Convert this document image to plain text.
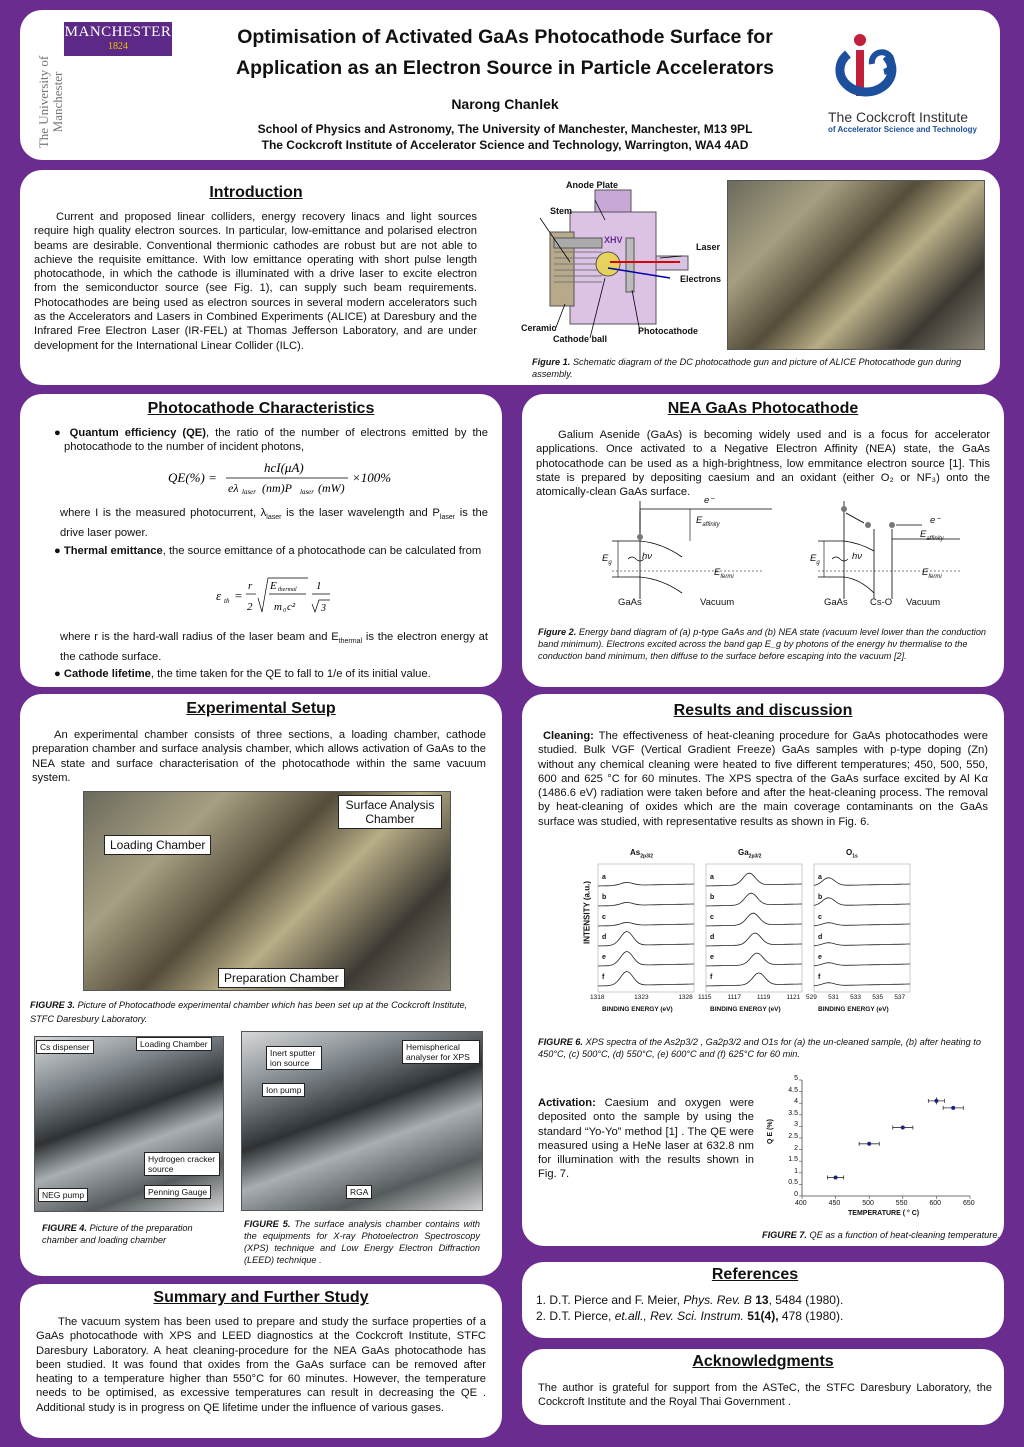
MANCHESTER
1824
The University of Manchester
Optimisation of Activated GaAs Photocathode Surface for
Application as an Electron Source in Particle Accelerators
Narong Chanlek
School of Physics and Astronomy, The University of Manchester, Manchester, M13 9PL
The Cockcroft Institute of Accelerator Science and Technology, Warrington, WA4 4AD
The Cockcroft Institute
of Accelerator Science and Technology
Introduction
Current and proposed linear colliders, energy recovery linacs and light sources require high quality electron sources. In particular, low-emittance and polarised electron beams are desirable. Conventional thermionic cathodes are robust but are not able to achieve the requisite emittance. With low emittance operating with short pulse length photocathode, in which the cathode is illuminated with a drive laser to excite electron from the semiconductor source (see Fig. 1), can supply such beam requirements. Photocathodes are being used as electron sources in several modern accelerators such as the Accelerators and Lasers in Combined Experiments (ALICE) at Daresbury and the Infrared Free Electron Laser (IR-FEL) at Thomas Jefferson Laboratory, and are under development for the International Linear Collider (ILC).
Anode Plate
Stem
XHV
Laser
Electrons
Ceramic
Cathode ball
Photocathode
Figure 1. Schematic diagram of the DC photocathode gun and picture of ALICE Photocathode gun during assembly.
Photocathode Characteristics
● Quantum efficiency (QE), the ratio of the number of electrons emitted by the photocathode to the number of incident photons,
QE(%) =
hcI(μA)
eλ laser (nm)P laser (mW)
×100%
where I is the measured photocurrent, $\lambda_{laser}$ is the laser wavelength and $P_{laser}$ is the drive laser power.
● Thermal emittance, the source emittance of a photocathode can be calculated from
ε th =
r
2
E thermal
m 0 c²
1
3
where r is the hard-wall radius of the laser beam and $E_{thermal}$ is the electron energy at the cathode surface.
● Cathode lifetime, the time taken for the QE to fall to 1/e of its initial value.
NEA GaAs Photocathode
Galium Asenide (GaAs) is becoming widely used and is a focus for accelerator applications. Once activated to a Negative Electron Affinity (NEA) state, the GaAs photocathode can be used as a high-brightness, low emmitance electron source [1]. This state is prepared by depositing caesium and an oxidant (either O₂ or NF₃) onto the atomically-clean GaAs surface.
e⁻
$E_{affinity}$
$E_g$
hν
$E_{fermi}$
GaAs	Vacuum
e⁻
$E_{affinity}$
$E_g$
hν
$E_{fermi}$
GaAs Cs-O Vacuum
Figure 2. Energy band diagram of (a) p-type GaAs and (b) NEA state (vacuum level lower than the conduction band minimum). Electrons excited across the band gap E_g by photons of the energy hν thermalise to the conduction band minimum, then diffuse to the surface before escaping into the vacuum [2].
Experimental Setup
An experimental chamber consists of three sections, a loading chamber, cathode preparation chamber and surface analysis chamber, which allows activation of GaAs to the NEA state and surface characterisation of the photocathode within the same vacuum system.
Surface Analysis Chamber
Loading Chamber
Preparation Chamber
FIGURE 3. Picture of Photocathode experimental chamber which has been set up at the Cockcroft Institute, STFC Daresbury Laboratory.
Cs dispenser	Loading Chamber
Hydrogen cracker source
NEG pump	Penning Gauge
FIGURE 4. Picture of the preparation chamber and loading chamber
Inert sputter ion source
Ion pump
Hemispherical analyser for XPS
RGA
FIGURE 5. The surface analysis chamber contains with the equipments for X-ray Photoelectron Spectroscopy (XPS) technique and Low Energy Electron Diffraction (LEED) technique .
Results and discussion
Cleaning: The effectiveness of heat-cleaning procedure for GaAs photocathodes were studied. Bulk VGF (Vertical Gradient Freeze) GaAs samples with p-type doping (Zn) without any chemical cleaning were heated to five different temperatures; 450, 500, 550, 600 and 625 °C for 60 minutes. The XPS spectra of the GaAs surface excited by Al Kα (1486.6 eV) radiation were taken before and after the heat-cleaning process. The removal by heat-cleaning of oxides which are the main coverage contaminants on the GaAs surface was studied, with representative results as shown in Fig. 6.
INTENSITY (a.u.)
$As_{2p3/2}$
a
b
c
d
e
f
1318	1323	1328
BINDING ENERGY (eV)
$Ga_{2p3/2}$
a
b
c
d
e
f
1115 1117 1119 1121
BINDING ENERGY (eV)
$O_{1s}$
a
b
c
d
e
f
529 531 533 535 537
BINDING ENERGY (eV)
FIGURE 6. XPS spectra of the As2p3/2 , Ga2p3/2 and O1s for (a) the un-cleaned sample, (b) after heating to 450°C, (c) 500°C, (d) 550°C, (e) 600°C and (f) 625°C for 60 min.
Activation: Caesium and oxygen were deposited onto the sample by using the standard “Yo-Yo” method [1] . The QE were measured using a HeNe laser at 632.8 nm for illumination with the results shown in Fig. 7.
0
0.5
1
1.5
2
2.5
3
3.5
4
4.5
5
400	450	500	550	600	650
TEMPERATURE ( ° C)
Q E (%)
FIGURE 7. QE as a function of heat-cleaning temperature.
References
1. D.T. Pierce and F. Meier, Phys. Rev. B 13, 5484 (1980).
2. D.T. Pierce, et.all., Rev. Sci. Instrum. 51(4), 478 (1980).
Summary and Further Study
The vacuum system has been used to prepare and study the surface properties of a GaAs photocathode with XPS and LEED diagnostics at the Cockcroft Institute, STFC Daresbury Laboratory. A heat cleaning-procedure for the NEA GaAs photocathode has been studied. It was found that oxides from the GaAs surface can be removed after heating to a temperature higher than 550°C for 60 minutes. However, the temperature needs to be optimised, as excessive temperatures can result in decreasing the QE . Additional study is in progress on QE lifetime under the influence of various gases.
Acknowledgments
The author is grateful for support from the ASTeC, the STFC Daresbury Laboratory, the Cockcroft Institute and the Royal Thai Government .
